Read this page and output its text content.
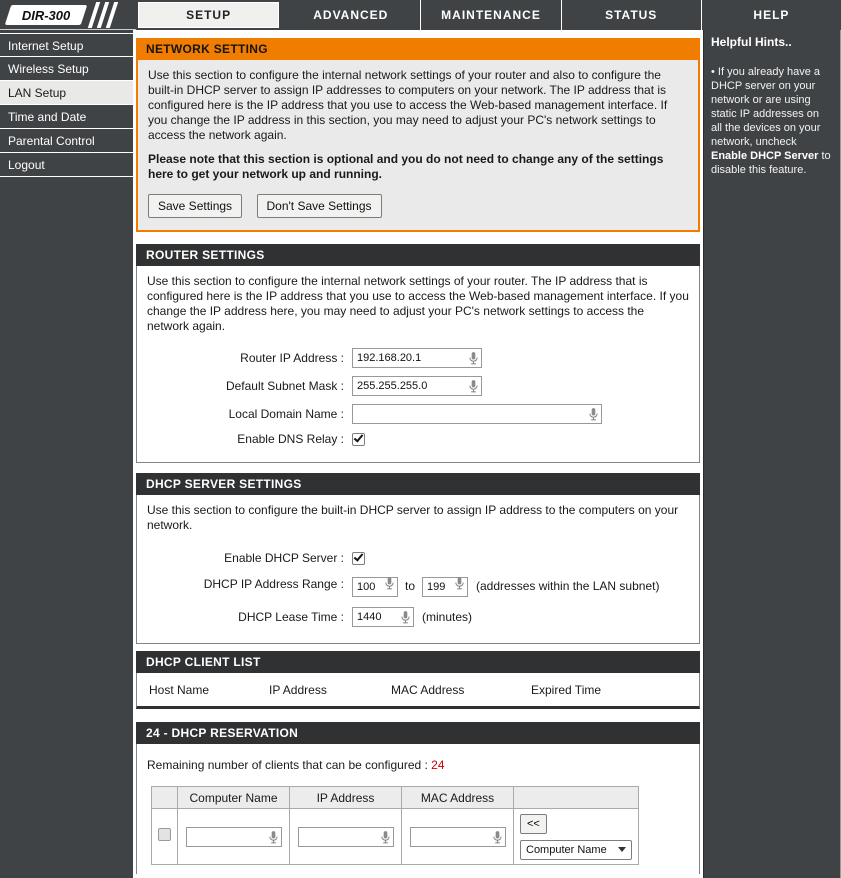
DIR-300	SETUP	ADVANCED	MAINTENANCE	STATUS	HELP
Internet Setup
Wireless Setup
LAN Setup
Time and Date
Parental Control
Logout
NETWORK SETTING
Use this section to configure the internal network settings of your router and also to configure the built-in DHCP server to assign IP addresses to computers on your network. The IP address that is configured here is the IP address that you use to access the Web-based management interface. If you change the IP address in this section, you may need to adjust your PC's network settings to access the network again.
Please note that this section is optional and you do not need to change any of the settings here to get your network up and running.
Save Settings	Don't Save Settings
ROUTER SETTINGS
Use this section to configure the internal network settings of your router. The IP address that is configured here is the IP address that you use to access the Web-based management interface. If you change the IP address here, you may need to adjust your PC's network settings to access the network again.
Router IP Address :
192.168.20.1
Default Subnet Mask :
255.255.255.0
Local Domain Name :
Enable DNS Relay :
DHCP SERVER SETTINGS
Use this section to configure the built-in DHCP server to assign IP address to the computers on your network.
Enable DHCP Server :
DHCP IP Address Range :
100	to
199	(addresses within the LAN subnet)
DHCP Lease Time :
1440	(minutes)
DHCP CLIENT LIST
Host Name	IP Address	MAC Address	Expired Time
24 - DHCP RESERVATION
Remaining number of clients that can be configured : 24
	Computer Name	IP Address	MAC Address	

	<<
Computer Name
Helpful Hints..
• If you already have a DHCP server on your network or are using static IP addresses on all the devices on your network, uncheck Enable DHCP Server to disable this feature.
